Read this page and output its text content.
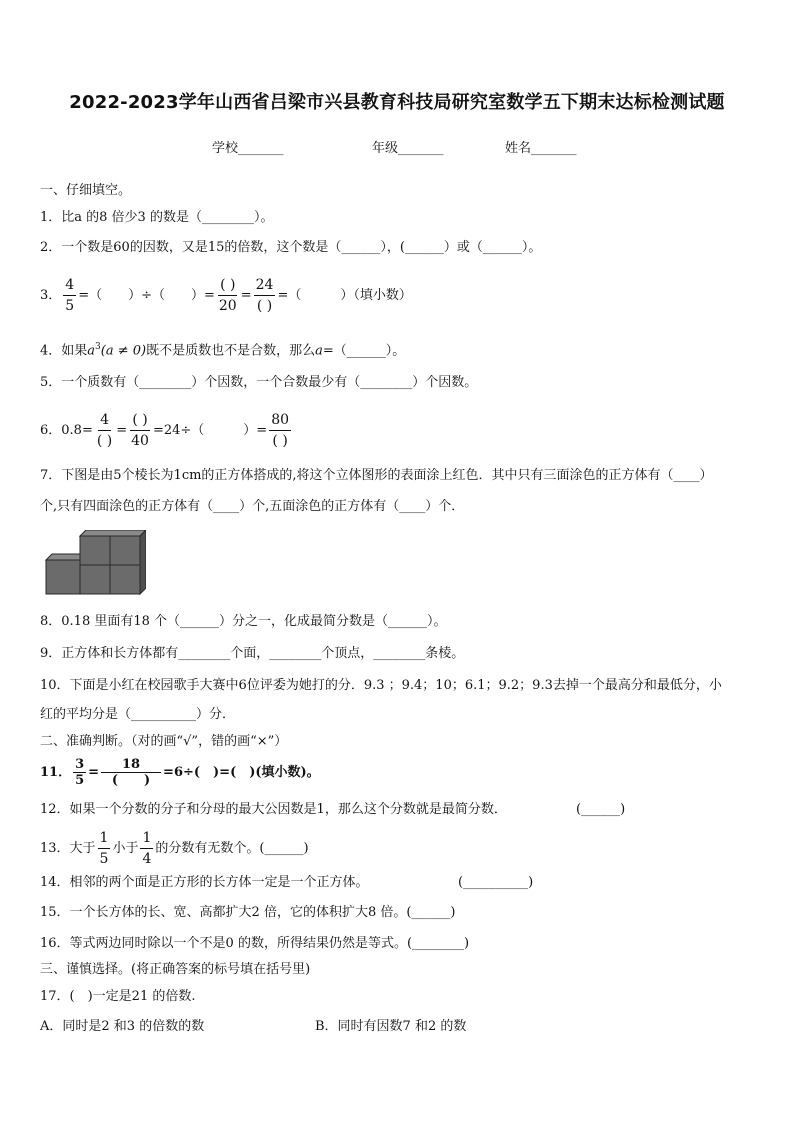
2022-2023学年山西省吕梁市兴县教育科技局研究室数学五下期末达标检测试题
学校_______	年级_______	姓名_______
一、仔细填空。
1．比a 的8 倍少3 的数是（________）。
2．一个数是60的因数，又是15的倍数，这个数是（______），(______）或（______）。
3． $\frac{4}{5}$ =（　　）÷（　　）= $\frac{( )}{20} = \frac{24}{( )}$ =（　　　）（填小数）
4．如果$a^3(a \ne 0)$既不是质数也不是合数，那么a=（______）。
5．一个质数有（________）个因数，一个合数最少有（________）个因数。
6．$0.8= \frac{4}{( )} = \frac{( )}{40} =24\div$（　　　）= $\frac{80}{( )}$
7．下图是由5个棱长为1cm的正方体搭成的,将这个立体图形的表面涂上红色．其中只有三面涂色的正方体有（____）
个,只有四面涂色的正方体有（____）个,五面涂色的正方体有（____）个．
8．0.18 里面有18 个（______）分之一，化成最简分数是（______）。
9．正方体和长方体都有________个面，________个顶点，________条棱。
10．下面是小红在校园歌手大赛中6位评委为她打的分．9.3 ；9.4；10；6.1；9.2；9.3去掉一个最高分和最低分，小
红的平均分是（__________）分．
二、准确判断。（对的画“√”，错的画“×”）
11． $\frac{3}{5} = \frac{18}{( )} =6\div$(　)=(　)(填小数)。
12．如果一个分数的分子和分母的最大公因数是1，那么这个分数就是最简分数．	(______)
13．大于 $\frac{1}{5}$ 小于 $\frac{1}{4}$ 的分数有无数个。(______)
14．相邻的两个面是正方形的长方体一定是一个正方体。	(__________)
15．一个长方体的长、宽、高都扩大2 倍，它的体积扩大8 倍。(______)
16．等式两边同时除以一个不是0 的数，所得结果仍然是等式。(________)
三、谨慎选择。(将正确答案的标号填在括号里)
17．(　)一定是21 的倍数.
A．同时是2 和3 的倍数的数	B．同时有因数7 和2 的数
